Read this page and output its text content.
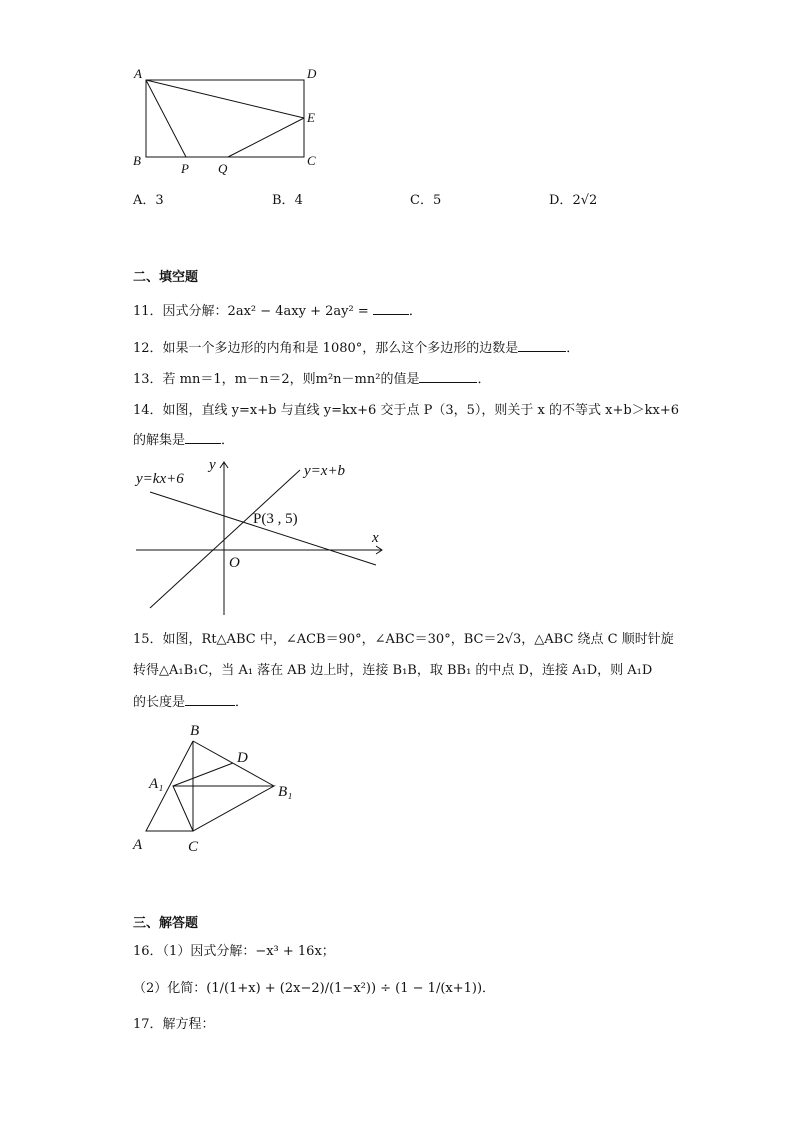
A	D
E
B	C
P Q
A．3	B．4	C．5	D．2√2
二、填空题
11．因式分解：2ax² − 4axy + 2ay² =	．
12．如果一个多边形的内角和是 1080°，那么这个多边形的边数是	．
13．若 mn＝1，m－n＝2，则m²n－mn²的值是	．
14．如图，直线 y=x+b 与直线 y=kx+6 交于点 P（3，5），则关于 x 的不等式 x+b＞kx+6
的解集是	．
y=kx+6	y=x+b
y
x
O
P(3 , 5)
15．如图，Rt△ABC 中，∠ACB＝90°，∠ABC＝30°，BC＝2√3，△ABC 绕点 C 顺时针旋
转得△A₁B₁C，当 A₁ 落在 AB 边上时，连接 B₁B，取 BB₁ 的中点 D，连接 A₁D，则 A₁D
的长度是	．
B
D
A₁	B₁
A	C
三、解答题
16．（1）因式分解：−x³ + 16x；
（2）化简：(1/(1+x) + (2x−2)/(1−x²)) ÷ (1 − 1/(x+1))．
17．解方程：
